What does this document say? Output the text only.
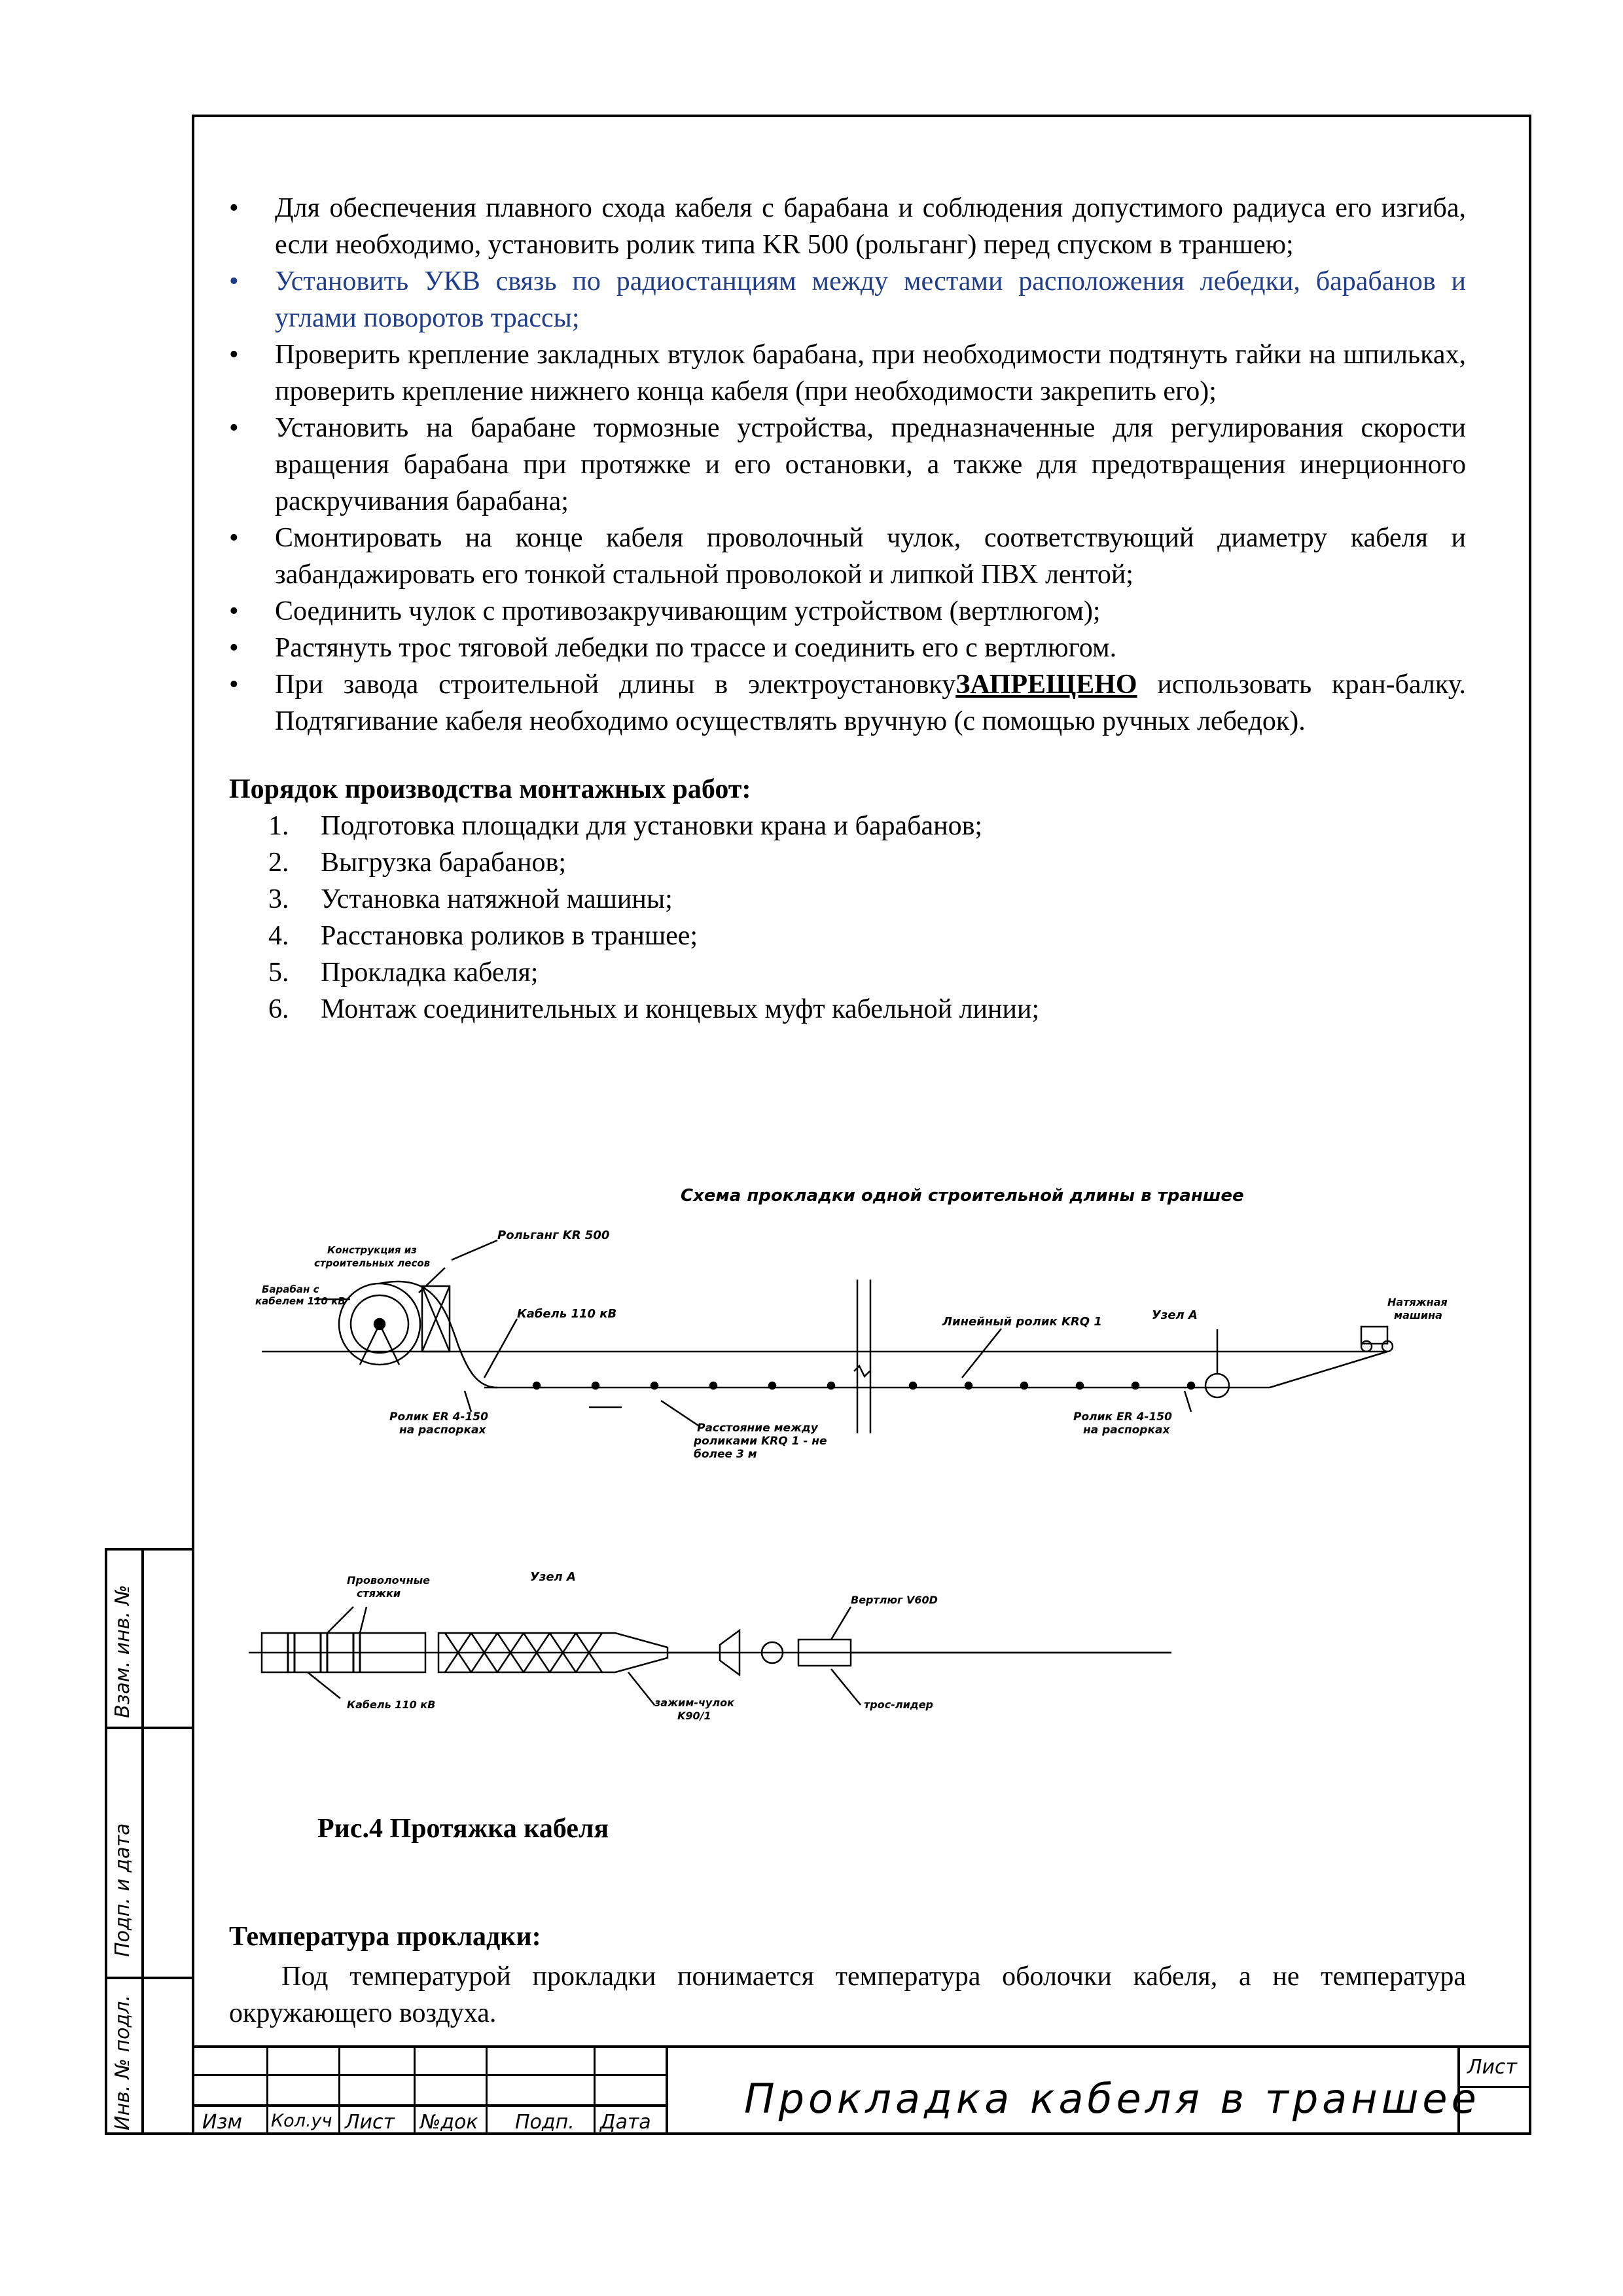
Взам. инв. №
Подп. и дата
Инв. № подл.
• Для обеспечения плавного схода кабеля с барабана и соблюдения допустимого радиуса его изгиба, если необходимо, установить ролик типа KR 500 (рольганг) перед спуском в траншею;
• Установить УКВ связь по радиостанциям между местами расположения лебедки, барабанов и углами поворотов трассы;
• Проверить крепление закладных втулок барабана, при необходимости подтянуть гайки на шпильках, проверить крепление нижнего конца кабеля (при необходимости закрепить его);
• Установить на барабане тормозные устройства, предназначенные для регулирования скорости вращения барабана при протяжке и его остановки, а также для предотвращения инерционного раскручивания барабана;
• Смонтировать на конце кабеля проволочный чулок, соответствующий диаметру кабеля и забандажировать его тонкой стальной проволокой и липкой ПВХ лентой;
• Соединить чулок с противозакручивающим устройством (вертлюгом);
• Растянуть трос тяговой лебедки по трассе и соединить его с вертлюгом.
• При завода строительной длины в электроустановкуЗАПРЕЩЕНО использовать кран-балку. Подтягивание кабеля необходимо осуществлять вручную (с помощью ручных лебедок).
Порядок производства монтажных работ:
1. Подготовка площадки для установки крана и барабанов;
2. Выгрузка барабанов;
3. Установка натяжной машины;
4. Расстановка роликов в траншее;
5. Прокладка кабеля;
6. Монтаж соединительных и концевых муфт кабельной линии;
Схема прокладки одной строительной длины в траншее
Конструкция из
строительных лесов
Барабан с
кабелем 110 кВ
Рольганг KR 500
Кабель 110 кВ
Линейный ролик KRQ 1	Узел А
Натяжная
машина
Ролик ER 4-150
на распорках	Расстояние между
роликами KRQ 1 - не
более 3 м
Ролик ER 4-150
на распорках
Проволочные
стяжки
Узел А
Вертлюг V60D
Кабель 110 кВ	зажим-чулок
K90/1
трос-лидер
Рис.4 Протяжка кабеля
Температура прокладки:
Под температурой прокладки понимается температура оболочки кабеля, а не температура окружающего воздуха.
Изм Кол.уч Лист №док Подп. Дата Прокладка кабеля в траншее
Лист
